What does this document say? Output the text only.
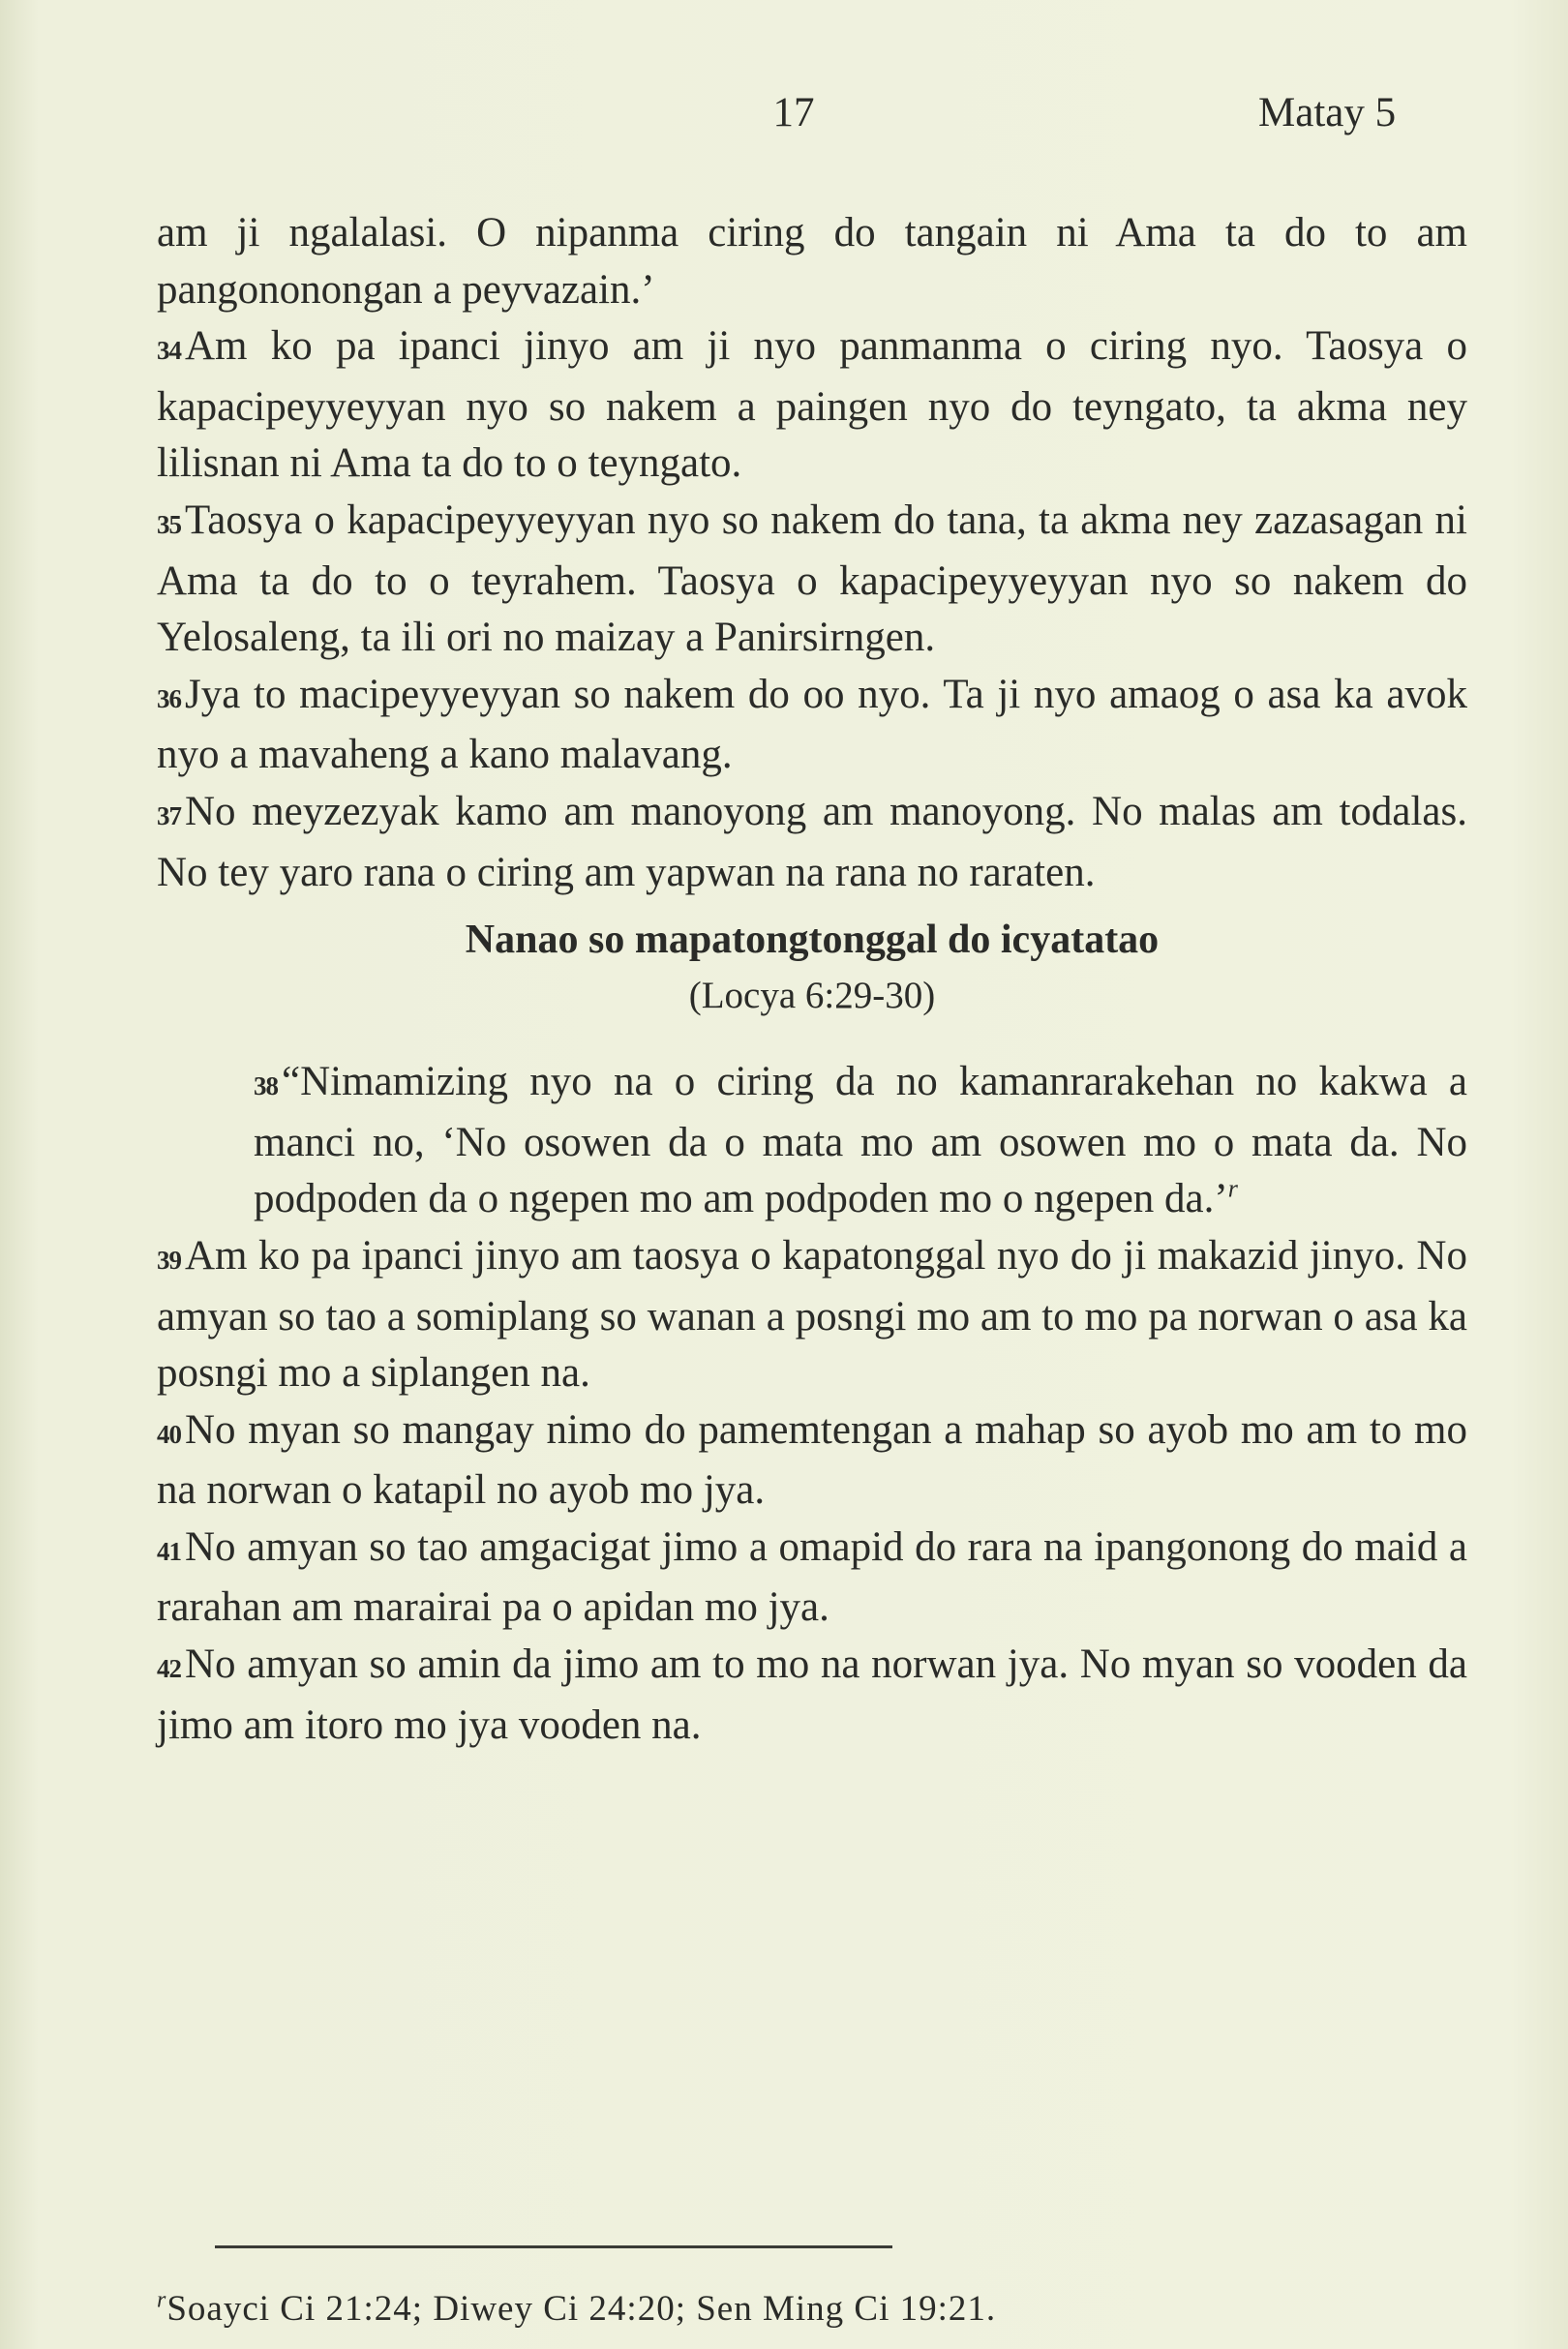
17	Matay 5

am ji ngalalasi. O nipanma ciring do tangain ni Ama ta do to am pangononongan a peyvazain.’

34Am ko pa ipanci jinyo am ji nyo panmanma o ciring nyo. Taosya o kapacipeyyeyyan nyo so nakem a paingen nyo do teyngato, ta akma ney lilisnan ni Ama ta do to o teyngato.

35Taosya o kapacipeyyeyyan nyo so nakem do tana, ta akma ney zazasagan ni Ama ta do to o teyrahem. Taosya o kapacipeyyeyyan nyo so nakem do Yelosaleng, ta ili ori no maizay a Panirsirngen.

36Jya to macipeyyeyyan so nakem do oo nyo. Ta ji nyo amaog o asa ka avok nyo a mavaheng a kano malavang.

37No meyzezyak kamo am manoyong am manoyong. No malas am todalas. No tey yaro rana o ciring am yapwan na rana no raraten.

Nanao so mapatongtonggal do icyatatao
(Locya 6:29-30)

38“Nimamizing nyo na o ciring da no kamanrarakehan no kakwa a manci no, ‘No osowen da o mata mo am osowen mo o mata da. No podpoden da o ngepen mo am podpoden mo o ngepen da.’$^r$

39Am ko pa ipanci jinyo am taosya o kapatonggal nyo do ji makazid jinyo. No amyan so tao a somiplang so wanan a posngi mo am to mo pa norwan o asa ka posngi mo a siplangen na.

40No myan so mangay nimo do pamemtengan a mahap so ayob mo am to mo na norwan o katapil no ayob mo jya.

41No amyan so tao amgacigat jimo a omapid do rara na ipangonong do maid a rarahan am marairai pa o apidan mo jya.

42No amyan so amin da jimo am to mo na norwan jya. No myan so vooden da jimo am itoro mo jya vooden na.

$^r$Soayci Ci 21:24; Diwey Ci 24:20; Sen Ming Ci 19:21.
